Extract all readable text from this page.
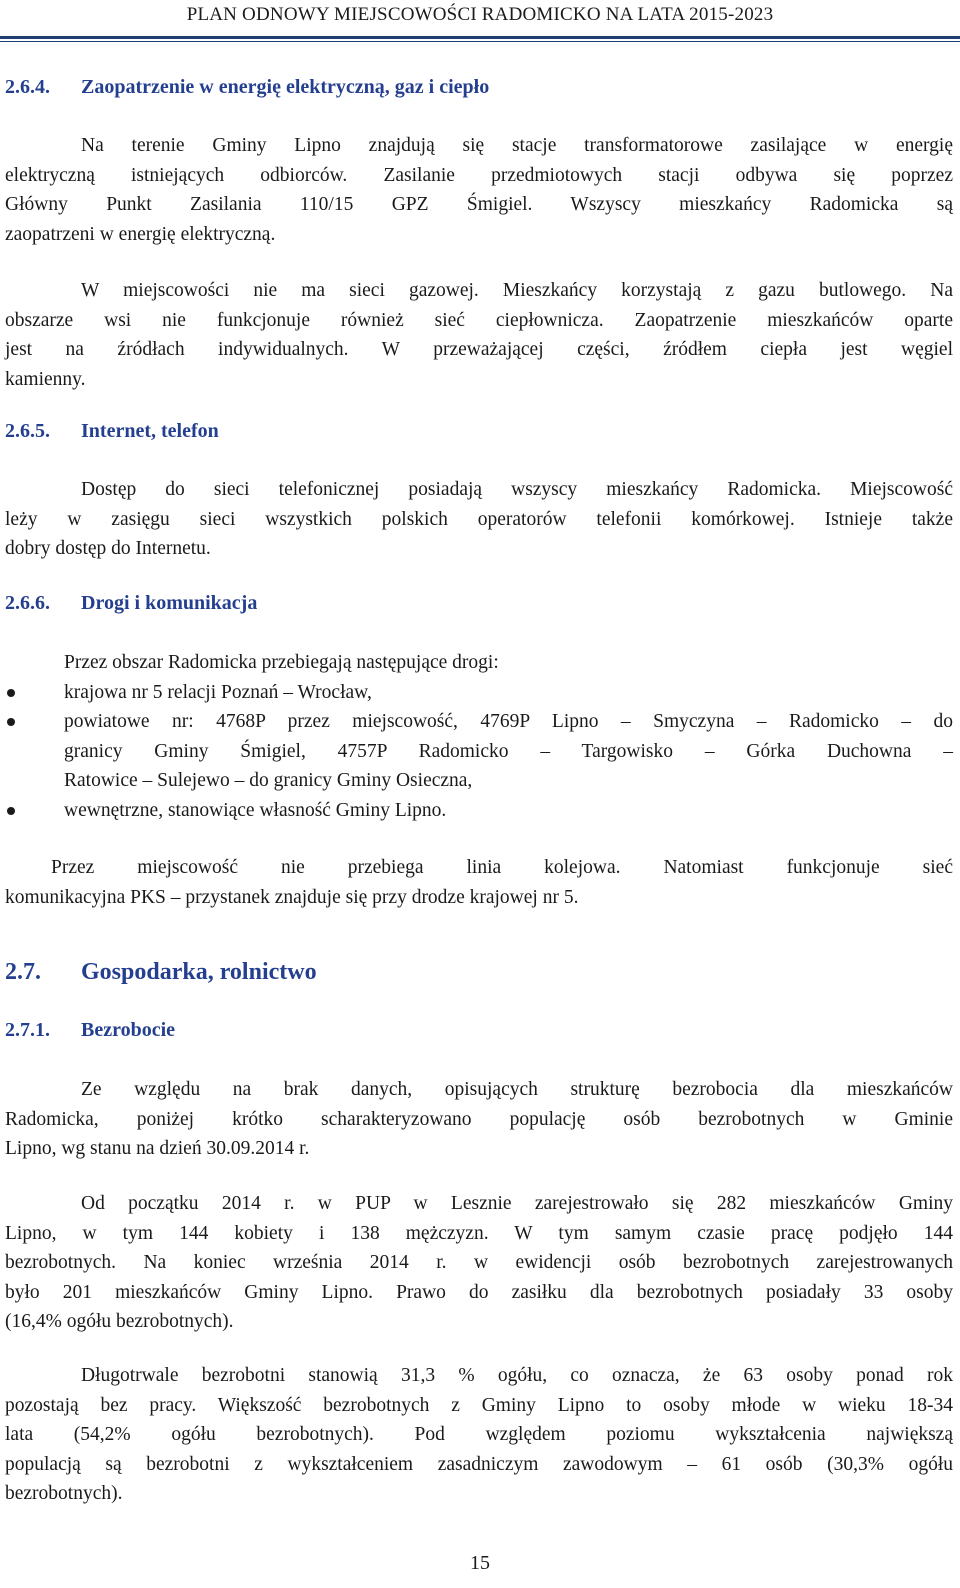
PLAN ODNOWY MIEJSCOWOŚCI RADOMICKO NA LATA 2015-2023
2.6.4. Zaopatrzenie w energię elektryczną, gaz i ciepło
Na terenie Gminy Lipno znajdują się stacje transformatorowe zasilające w energię
elektryczną istniejących odbiorców. Zasilanie przedmiotowych stacji odbywa się poprzez
Główny Punkt Zasilania 110/15 GPZ Śmigiel. Wszyscy mieszkańcy Radomicka są
zaopatrzeni w energię elektryczną.
W miejscowości nie ma sieci gazowej. Mieszkańcy korzystają z gazu butlowego. Na
obszarze wsi nie funkcjonuje również sieć ciepłownicza. Zaopatrzenie mieszkańców oparte
jest na źródłach indywidualnych. W przeważającej części, źródłem ciepła jest węgiel
kamienny.
2.6.5. Internet, telefon
Dostęp do sieci telefonicznej posiadają wszyscy mieszkańcy Radomicka. Miejscowość
leży w zasięgu sieci wszystkich polskich operatorów telefonii komórkowej. Istnieje także
dobry dostęp do Internetu.
2.6.6. Drogi i komunikacja
Przez obszar Radomicka przebiegają następujące drogi:
krajowa nr 5 relacji Poznań – Wrocław,
powiatowe nr: 4768P przez miejscowość, 4769P Lipno – Smyczyna – Radomicko – do
granicy Gminy Śmigiel, 4757P Radomicko – Targowisko – Górka Duchowna –
Ratowice – Sulejewo – do granicy Gminy Osieczna,
wewnętrzne, stanowiące własność Gminy Lipno.
Przez miejscowość nie przebiega linia kolejowa. Natomiast funkcjonuje sieć
komunikacyjna PKS – przystanek znajduje się przy drodze krajowej nr 5.
2.7. Gospodarka, rolnictwo
2.7.1. Bezrobocie
Ze względu na brak danych, opisujących strukturę bezrobocia dla mieszkańców
Radomicka, poniżej krótko scharakteryzowano populację osób bezrobotnych w Gminie
Lipno, wg stanu na dzień 30.09.2014 r.
Od początku 2014 r. w PUP w Lesznie zarejestrowało się 282 mieszkańców Gminy
Lipno, w tym 144 kobiety i 138 mężczyzn. W tym samym czasie pracę podjęło 144
bezrobotnych. Na koniec września 2014 r. w ewidencji osób bezrobotnych zarejestrowanych
było 201 mieszkańców Gminy Lipno. Prawo do zasiłku dla bezrobotnych posiadały 33 osoby
(16,4% ogółu bezrobotnych).
Długotrwale bezrobotni stanowią 31,3 % ogółu, co oznacza, że 63 osoby ponad rok
pozostają bez pracy. Większość bezrobotnych z Gminy Lipno to osoby młode w wieku 18-34
lata (54,2% ogółu bezrobotnych). Pod względem poziomu wykształcenia największą
populacją są bezrobotni z wykształceniem zasadniczym zawodowym – 61 osób (30,3% ogółu
bezrobotnych).
15
